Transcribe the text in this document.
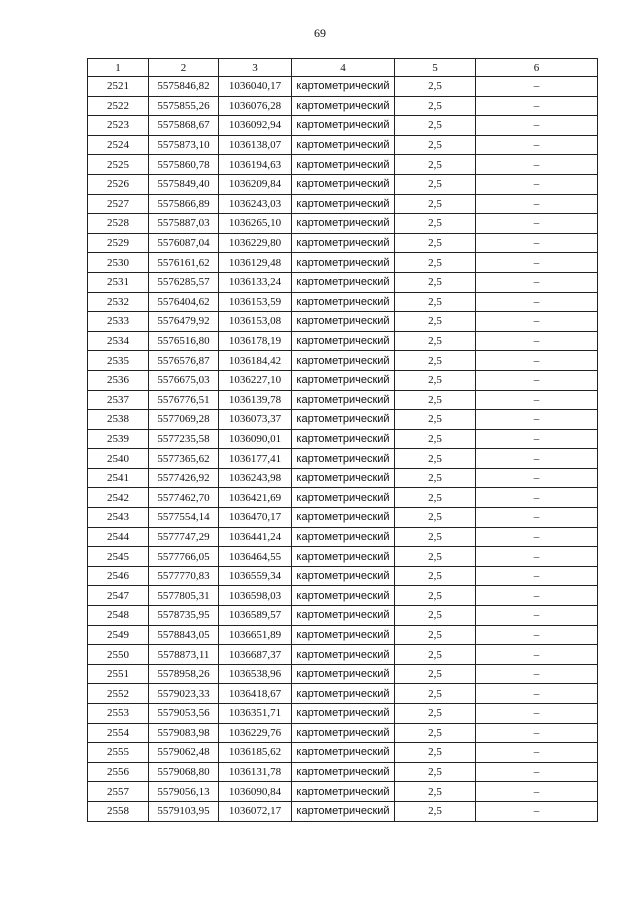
69
1	2	3	4	5	6
2521	5575846,82	1036040,17	картометрический	2,5	–
2522	5575855,26	1036076,28	картометрический	2,5	–
2523	5575868,67	1036092,94	картометрический	2,5	–
2524	5575873,10	1036138,07	картометрический	2,5	–
2525	5575860,78	1036194,63	картометрический	2,5	–
2526	5575849,40	1036209,84	картометрический	2,5	–
2527	5575866,89	1036243,03	картометрический	2,5	–
2528	5575887,03	1036265,10	картометрический	2,5	–
2529	5576087,04	1036229,80	картометрический	2,5	–
2530	5576161,62	1036129,48	картометрический	2,5	–
2531	5576285,57	1036133,24	картометрический	2,5	–
2532	5576404,62	1036153,59	картометрический	2,5	–
2533	5576479,92	1036153,08	картометрический	2,5	–
2534	5576516,80	1036178,19	картометрический	2,5	–
2535	5576576,87	1036184,42	картометрический	2,5	–
2536	5576675,03	1036227,10	картометрический	2,5	–
2537	5576776,51	1036139,78	картометрический	2,5	–
2538	5577069,28	1036073,37	картометрический	2,5	–
2539	5577235,58	1036090,01	картометрический	2,5	–
2540	5577365,62	1036177,41	картометрический	2,5	–
2541	5577426,92	1036243,98	картометрический	2,5	–
2542	5577462,70	1036421,69	картометрический	2,5	–
2543	5577554,14	1036470,17	картометрический	2,5	–
2544	5577747,29	1036441,24	картометрический	2,5	–
2545	5577766,05	1036464,55	картометрический	2,5	–
2546	5577770,83	1036559,34	картометрический	2,5	–
2547	5577805,31	1036598,03	картометрический	2,5	–
2548	5578735,95	1036589,57	картометрический	2,5	–
2549	5578843,05	1036651,89	картометрический	2,5	–
2550	5578873,11	1036687,37	картометрический	2,5	–
2551	5578958,26	1036538,96	картометрический	2,5	–
2552	5579023,33	1036418,67	картометрический	2,5	–
2553	5579053,56	1036351,71	картометрический	2,5	–
2554	5579083,98	1036229,76	картометрический	2,5	–
2555	5579062,48	1036185,62	картометрический	2,5	–
2556	5579068,80	1036131,78	картометрический	2,5	–
2557	5579056,13	1036090,84	картометрический	2,5	–
2558	5579103,95	1036072,17	картометрический	2,5	–
